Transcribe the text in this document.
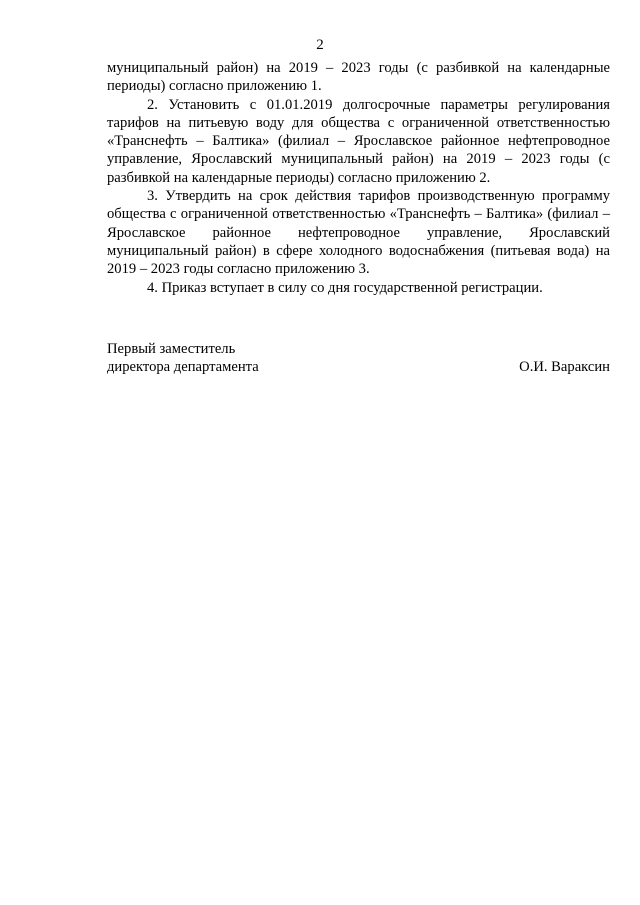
2

муниципальный район) на 2019 – 2023 годы (с разбивкой на календарные периоды) согласно приложению 1.

2. Установить с 01.01.2019 долгосрочные параметры регулирования тарифов на питьевую воду для общества с ограниченной ответственностью «Транснефть – Балтика» (филиал – Ярославское районное нефтепроводное управление, Ярославский муниципальный район) на 2019 – 2023 годы (с разбивкой на календарные периоды) согласно приложению 2.

3. Утвердить на срок действия тарифов производственную программу общества с ограниченной ответственностью «Транснефть – Балтика» (филиал – Ярославское районное нефтепроводное управление, Ярославский муниципальный район) в сфере холодного водоснабжения (питьевая вода) на 2019 – 2023 годы согласно приложению 3.

4. Приказ вступает в силу со дня государственной регистрации.

Первый заместитель
директора департамента	О.И. Вараксин
